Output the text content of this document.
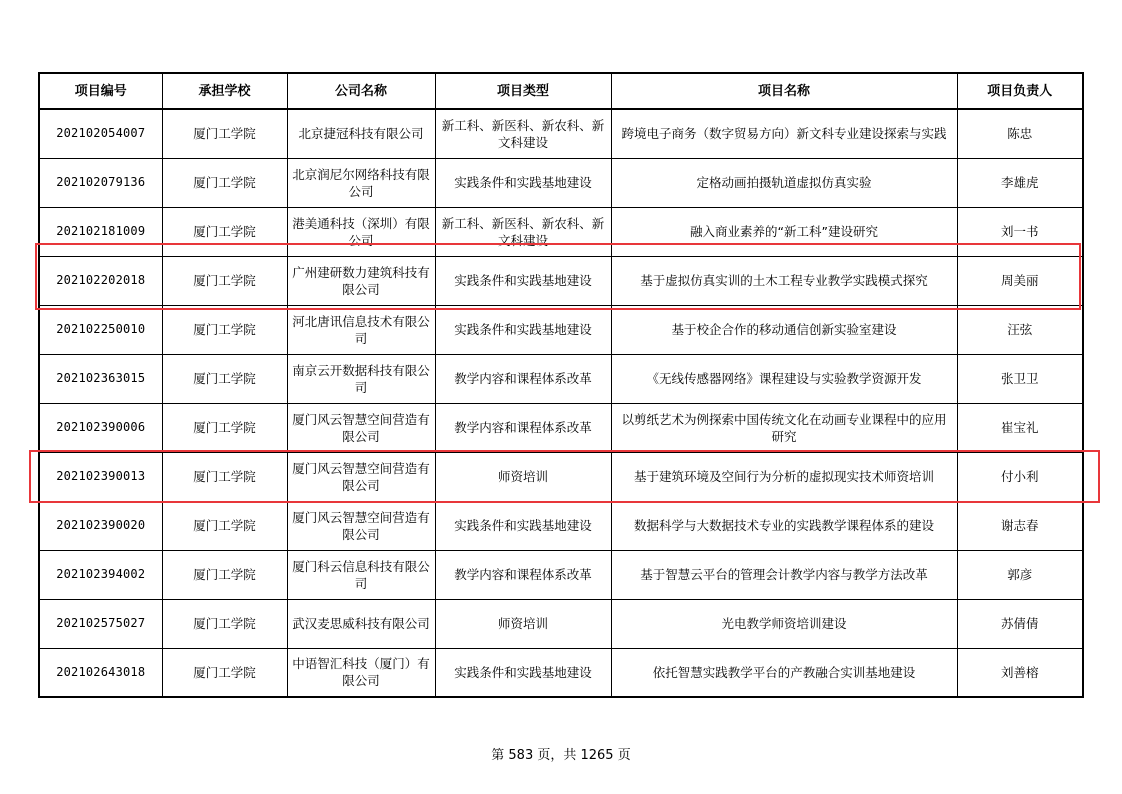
项目编号	承担学校	公司名称	项目类型	项目名称	项目负责人
202102054007	厦门工学院	北京捷冠科技有限公司	新工科、新医科、新农科、新文科建设	跨境电子商务（数字贸易方向）新文科专业建设探索与实践	陈忠
202102079136	厦门工学院	北京润尼尔网络科技有限公司	实践条件和实践基地建设	定格动画拍摄轨道虚拟仿真实验	李雄虎
202102181009	厦门工学院	港美通科技（深圳）有限公司	新工科、新医科、新农科、新文科建设	融入商业素养的“新工科”建设研究	刘一书
202102202018	厦门工学院	广州建研数力建筑科技有限公司	实践条件和实践基地建设	基于虚拟仿真实训的土木工程专业教学实践模式探究	周美丽
202102250010	厦门工学院	河北唐讯信息技术有限公司	实践条件和实践基地建设	基于校企合作的移动通信创新实验室建设	汪弦
202102363015	厦门工学院	南京云开数据科技有限公司	教学内容和课程体系改革	《无线传感器网络》课程建设与实验教学资源开发	张卫卫
202102390006	厦门工学院	厦门风云智慧空间营造有限公司	教学内容和课程体系改革	以剪纸艺术为例探索中国传统文化在动画专业课程中的应用研究	崔宝礼
202102390013	厦门工学院	厦门风云智慧空间营造有限公司	师资培训	基于建筑环境及空间行为分析的虚拟现实技术师资培训	付小利
202102390020	厦门工学院	厦门风云智慧空间营造有限公司	实践条件和实践基地建设	数据科学与大数据技术专业的实践教学课程体系的建设	谢志春
202102394002	厦门工学院	厦门科云信息科技有限公司	教学内容和课程体系改革	基于智慧云平台的管理会计教学内容与教学方法改革	郭彦
202102575027	厦门工学院	武汉麦思威科技有限公司	师资培训	光电教学师资培训建设	苏倩倩
202102643018	厦门工学院	中语智汇科技（厦门）有限公司	实践条件和实践基地建设	依托智慧实践教学平台的产教融合实训基地建设	刘善榕
第 583 页，共 1265 页
